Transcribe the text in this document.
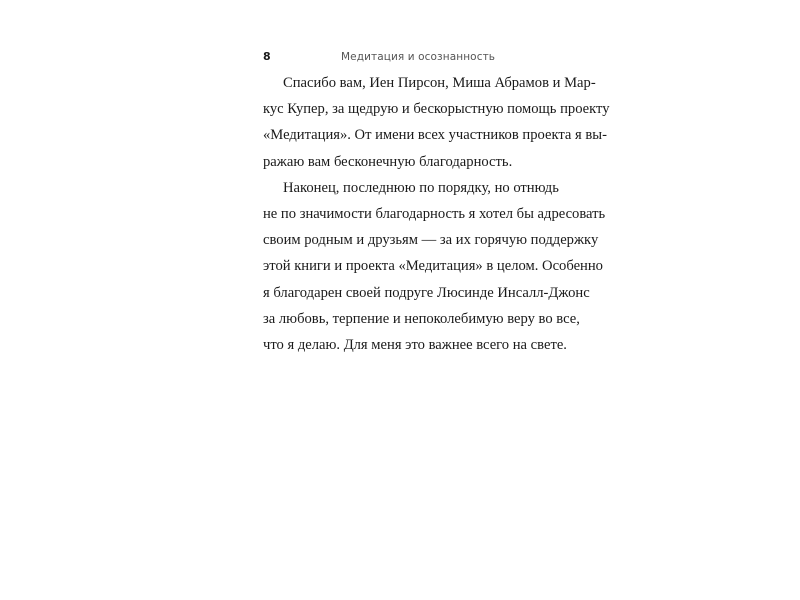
8	Медитация и осознанность
Спасибо вам, Иен Пирсон, Миша Абрамов и Мар-
кус Купер, за щедрую и бескорыстную помощь проекту
«Медитация». От имени всех участников проекта я вы-
ражаю вам бесконечную благодарность.
Наконец, последнюю по порядку, но отнюдь
не по значимости благодарность я хотел бы адресовать
своим родным и друзьям — за их горячую поддержку
этой книги и проекта «Медитация» в целом. Особенно
я благодарен своей подруге Люсинде Инсалл-Джонс
за любовь, терпение и непоколебимую веру во все,
что я делаю. Для меня это важнее всего на свете.
